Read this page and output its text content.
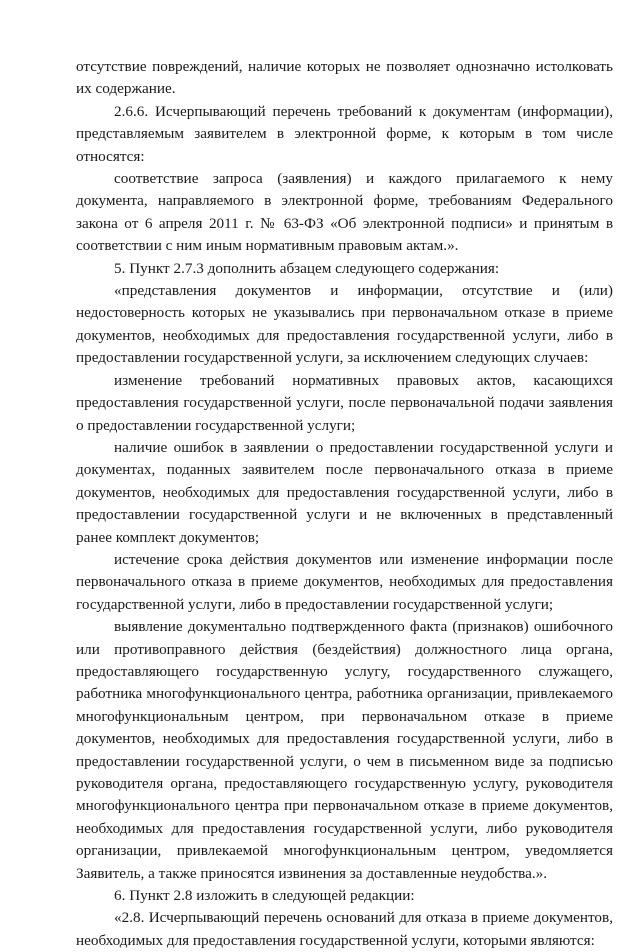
отсутствие повреждений, наличие которых не позволяет однозначно истолковать их содержание.

2.6.6. Исчерпывающий перечень требований к документам (информации), представляемым заявителем в электронной форме, к которым в том числе относятся:

соответствие запроса (заявления) и каждого прилагаемого к нему документа, направляемого в электронной форме, требованиям Федерального закона от 6 апреля 2011 г. № 63-ФЗ «Об электронной подписи» и принятым в соответствии с ним иным нормативным правовым актам.».

5. Пункт 2.7.3 дополнить абзацем следующего содержания:

«представления документов и информации, отсутствие и (или) недостоверность которых не указывались при первоначальном отказе в приеме документов, необходимых для предоставления государственной услуги, либо в предоставлении государственной услуги, за исключением следующих случаев:

изменение требований нормативных правовых актов, касающихся предоставления государственной услуги, после первоначальной подачи заявления о предоставлении государственной услуги;

наличие ошибок в заявлении о предоставлении государственной услуги и документах, поданных заявителем после первоначального отказа в приеме документов, необходимых для предоставления государственной услуги, либо в предоставлении государственной услуги и не включенных в представленный ранее комплект документов;

истечение срока действия документов или изменение информации после первоначального отказа в приеме документов, необходимых для предоставления государственной услуги, либо в предоставлении государственной услуги;

выявление документально подтвержденного факта (признаков) ошибочного или противоправного действия (бездействия) должностного лица органа, предоставляющего государственную услугу, государственного служащего, работника многофункционального центра, работника организации, привлекаемого многофункциональным центром, при первоначальном отказе в приеме документов, необходимых для предоставления государственной услуги, либо в предоставлении государственной услуги, о чем в письменном виде за подписью руководителя органа, предоставляющего государственную услугу, руководителя многофункционального центра при первоначальном отказе в приеме документов, необходимых для предоставления государственной услуги, либо руководителя организации, привлекаемой многофункциональным центром, уведомляется Заявитель, а также приносятся извинения за доставленные неудобства.».

6. Пункт 2.8 изложить в следующей редакции:

«2.8. Исчерпывающий перечень оснований для отказа в приеме документов, необходимых для предоставления государственной услуги, которыми являются:
